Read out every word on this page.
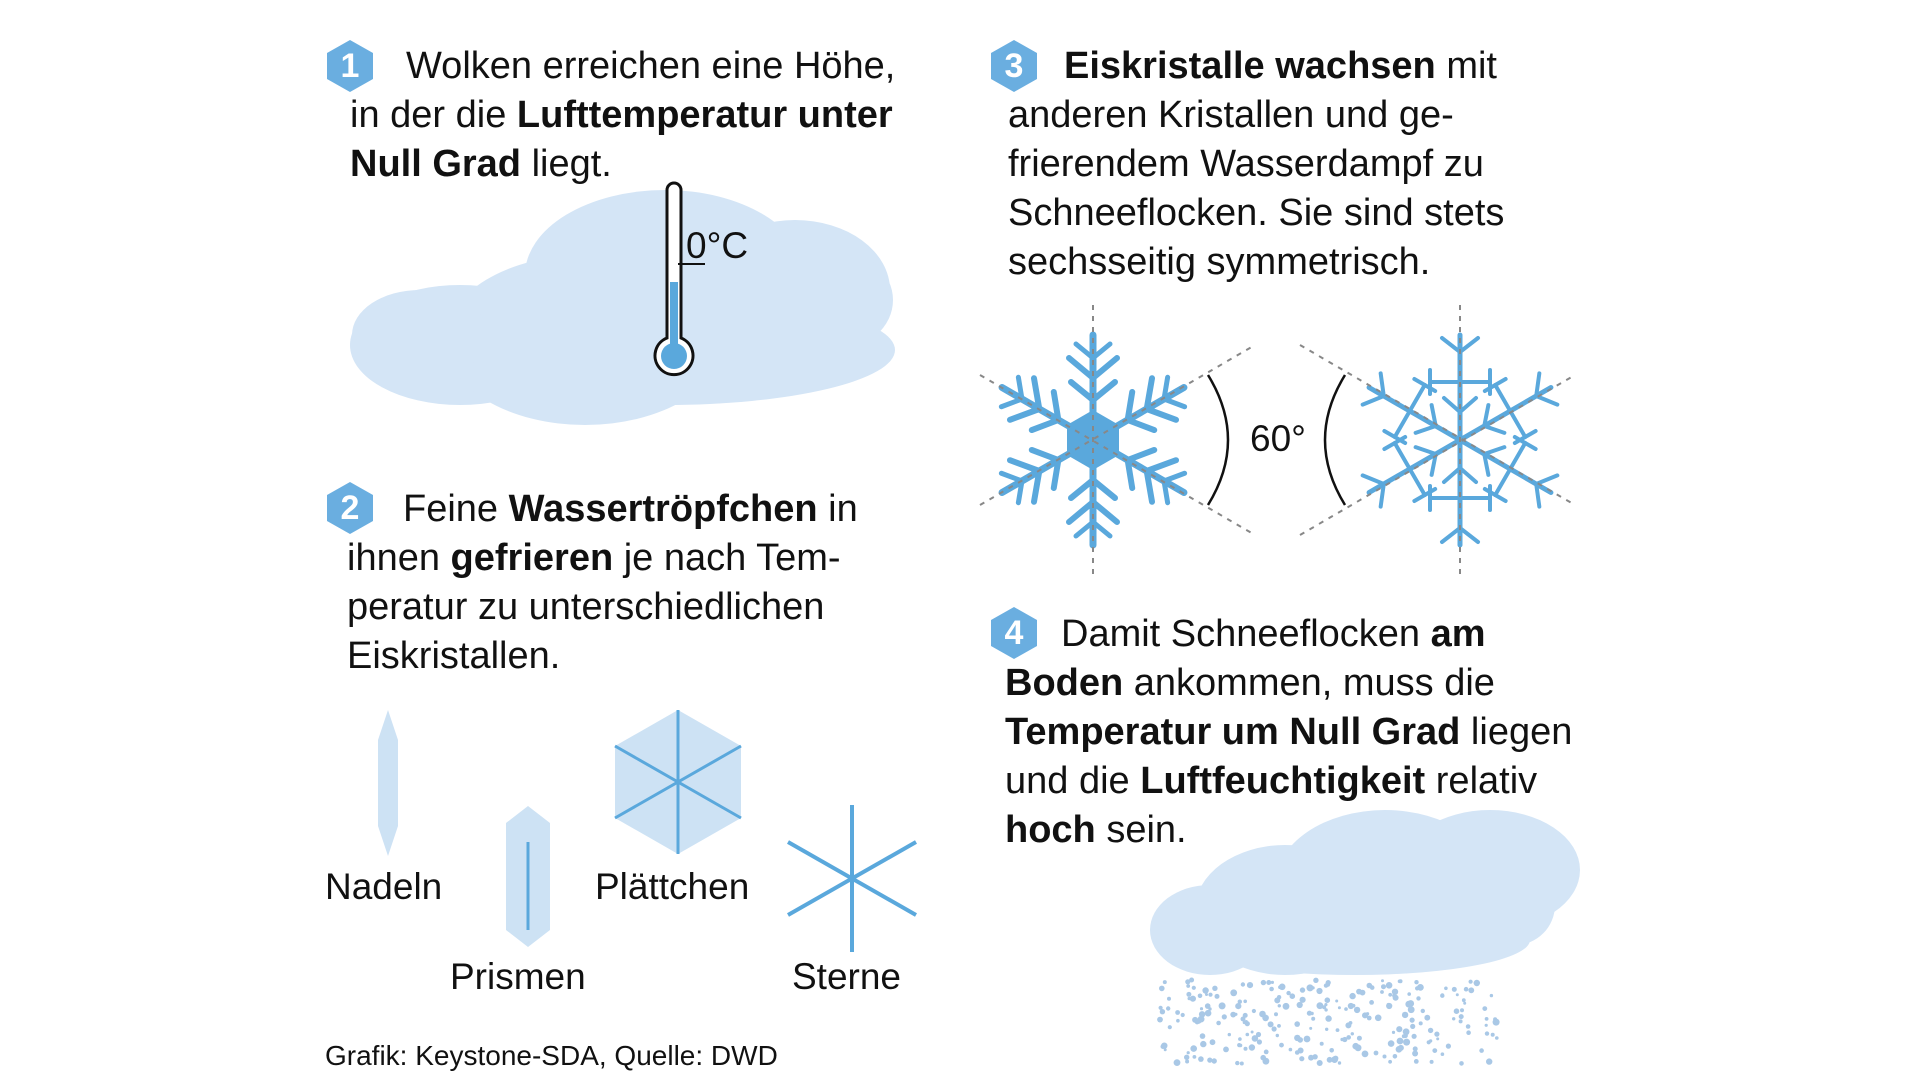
1	Wolken erreichen eine Höhe,
in der die Lufttemperatur unter
Null Grad liegt.
0°C
2	Feine Wassertröpfchen in
ihnen gefrieren je nach Tem-
peratur zu unterschiedlichen
Eiskristallen.
Nadeln
Prismen
Plättchen
Sterne
3	Eiskristalle wachsen mit
anderen Kristallen und ge-
frierendem Wasserdampf zu
Schneeflocken. Sie sind stets
sechsseitig symmetrisch.
60°
4 Damit Schneeflocken am
Boden ankommen, muss die
Temperatur um Null Grad liegen
und die Luftfeuchtigkeit relativ
hoch sein.
Grafik: Keystone-SDA, Quelle: DWD
